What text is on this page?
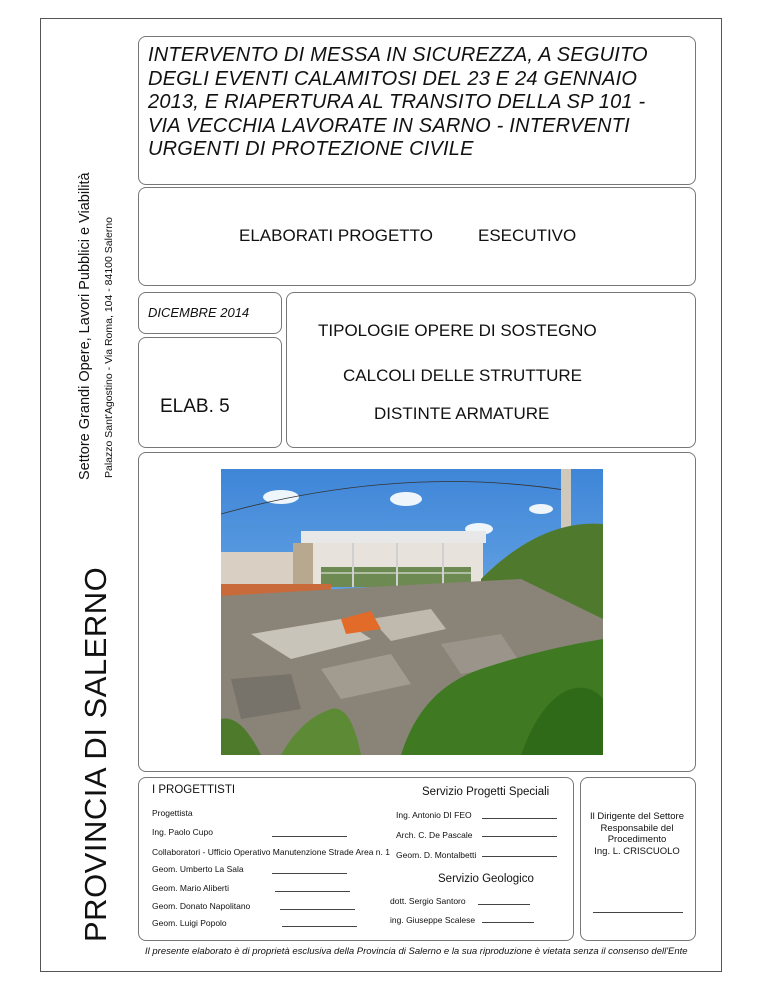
Settore Grandi Opere, Lavori Pubblici e Viabilità Palazzo Sant'Agostino - Via Roma, 104 - 84100 Salerno
PROVINCIA DI SALERNO
INTERVENTO DI MESSA IN SICUREZZA, A SEGUITO
DEGLI EVENTI CALAMITOSI DEL 23 E 24 GENNAIO
2013, E RIAPERTURA AL TRANSITO DELLA SP 101 -
VIA VECCHIA LAVORATE IN SARNO - INTERVENTI
URGENTI DI PROTEZIONE CIVILE
ELABORATI PROGETTO	ESECUTIVO
DICEMBRE 2014
ELAB. 5
TIPOLOGIE OPERE DI SOSTEGNO
CALCOLI DELLE STRUTTURE
DISTINTE ARMATURE
I PROGETTISTI
Progettista
Ing. Paolo Cupo
Collaboratori - Ufficio Operativo Manutenzione Strade Area n. 1
Geom. Umberto La Sala
Geom. Mario Aliberti
Geom. Donato Napolitano
Geom. Luigi Popolo
Servizio Progetti Speciali
Ing. Antonio DI FEO
Arch. C. De Pascale
Geom. D. Montalbetti
Servizio Geologico
dott. Sergio Santoro
ing. Giuseppe Scalese
Il Dirigente del Settore
Responsabile del
Procedimento
Ing. L. CRISCUOLO
Il presente elaborato è di proprietà esclusiva della Provincia di Salerno e la sua riproduzione è vietata senza il consenso dell'Ente
